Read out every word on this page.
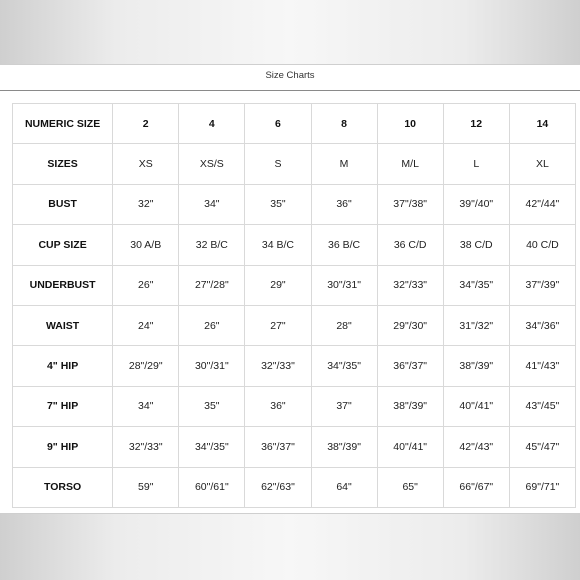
Size Charts
NUMERIC SIZE	2	4	6	8	10	12	14
SIZES	XS	XS/S	S	M	M/L	L	XL
BUST	32"	34"	35"	36"	37"/38"	39"/40"	42"/44"
CUP SIZE	30 A/B	32 B/C	34 B/C	36 B/C	36 C/D	38 C/D	40 C/D
UNDERBUST	26"	27"/28"	29"	30"/31"	32"/33"	34"/35"	37"/39"
WAIST	24"	26"	27"	28"	29"/30"	31"/32"	34"/36"
4" HIP	28"/29"	30"/31"	32"/33"	34"/35"	36"/37"	38"/39"	41"/43"
7" HIP	34"	35"	36"	37"	38"/39"	40"/41"	43"/45"
9" HIP	32"/33"	34"/35"	36"/37"	38"/39"	40"/41"	42"/43"	45"/47"
TORSO	59"	60"/61"	62"/63"	64"	65"	66"/67"	69"/71"
